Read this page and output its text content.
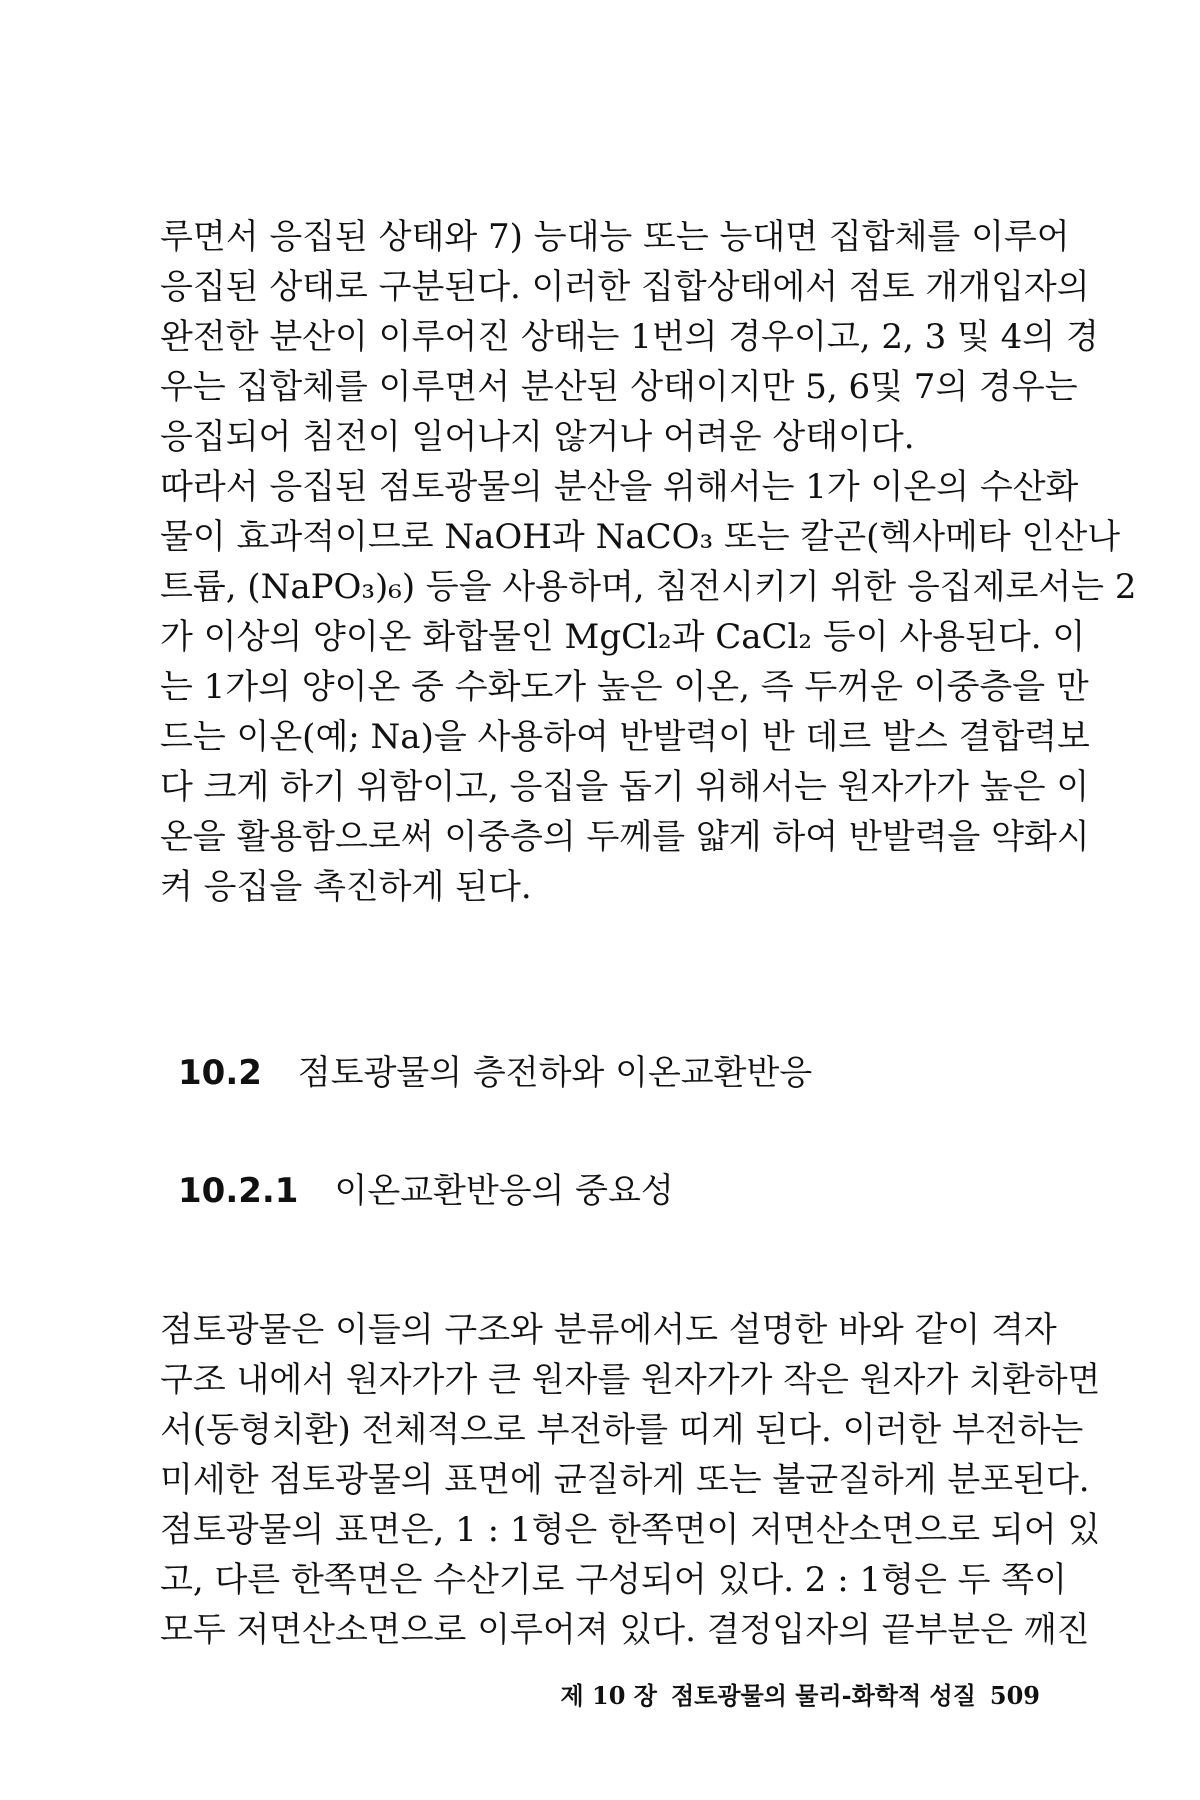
루면서 응집된 상태와 7) 능대능 또는 능대면 집합체를 이루어
응집된 상태로 구분된다. 이러한 집합상태에서 점토 개개입자의
완전한 분산이 이루어진 상태는 1번의 경우이고, 2, 3 및 4의 경
우는 집합체를 이루면서 분산된 상태이지만 5, 6및 7의 경우는
응집되어 침전이 일어나지 않거나 어려운 상태이다.
따라서 응집된 점토광물의 분산을 위해서는 1가 이온의 수산화
물이 효과적이므로 NaOH과 NaCO₃ 또는 칼곤(헥사메타 인산나
트륨, (NaPO₃)₆) 등을 사용하며, 침전시키기 위한 응집제로서는 2
가 이상의 양이온 화합물인 MgCl₂과 CaCl₂ 등이 사용된다. 이
는 1가의 양이온 중 수화도가 높은 이온, 즉 두꺼운 이중층을 만
드는 이온(예; Na)을 사용하여 반발력이 반 데르 발스 결합력보
다 크게 하기 위함이고, 응집을 돕기 위해서는 원자가가 높은 이
온을 활용함으로써 이중층의 두께를 얇게 하여 반발력을 약화시
켜 응집을 촉진하게 된다.
10.2 점토광물의 층전하와 이온교환반응
10.2.1 이온교환반응의 중요성
점토광물은 이들의 구조와 분류에서도 설명한 바와 같이 격자
구조 내에서 원자가가 큰 원자를 원자가가 작은 원자가 치환하면
서(동형치환) 전체적으로 부전하를 띠게 된다. 이러한 부전하는
미세한 점토광물의 표면에 균질하게 또는 불균질하게 분포된다.
점토광물의 표면은, 1 : 1형은 한쪽면이 저면산소면으로 되어 있
고, 다른 한쪽면은 수산기로 구성되어 있다. 2 : 1형은 두 쪽이
모두 저면산소면으로 이루어져 있다. 결정입자의 끝부분은 깨진
제 10 장 점토광물의 물리-화학적 성질 509
